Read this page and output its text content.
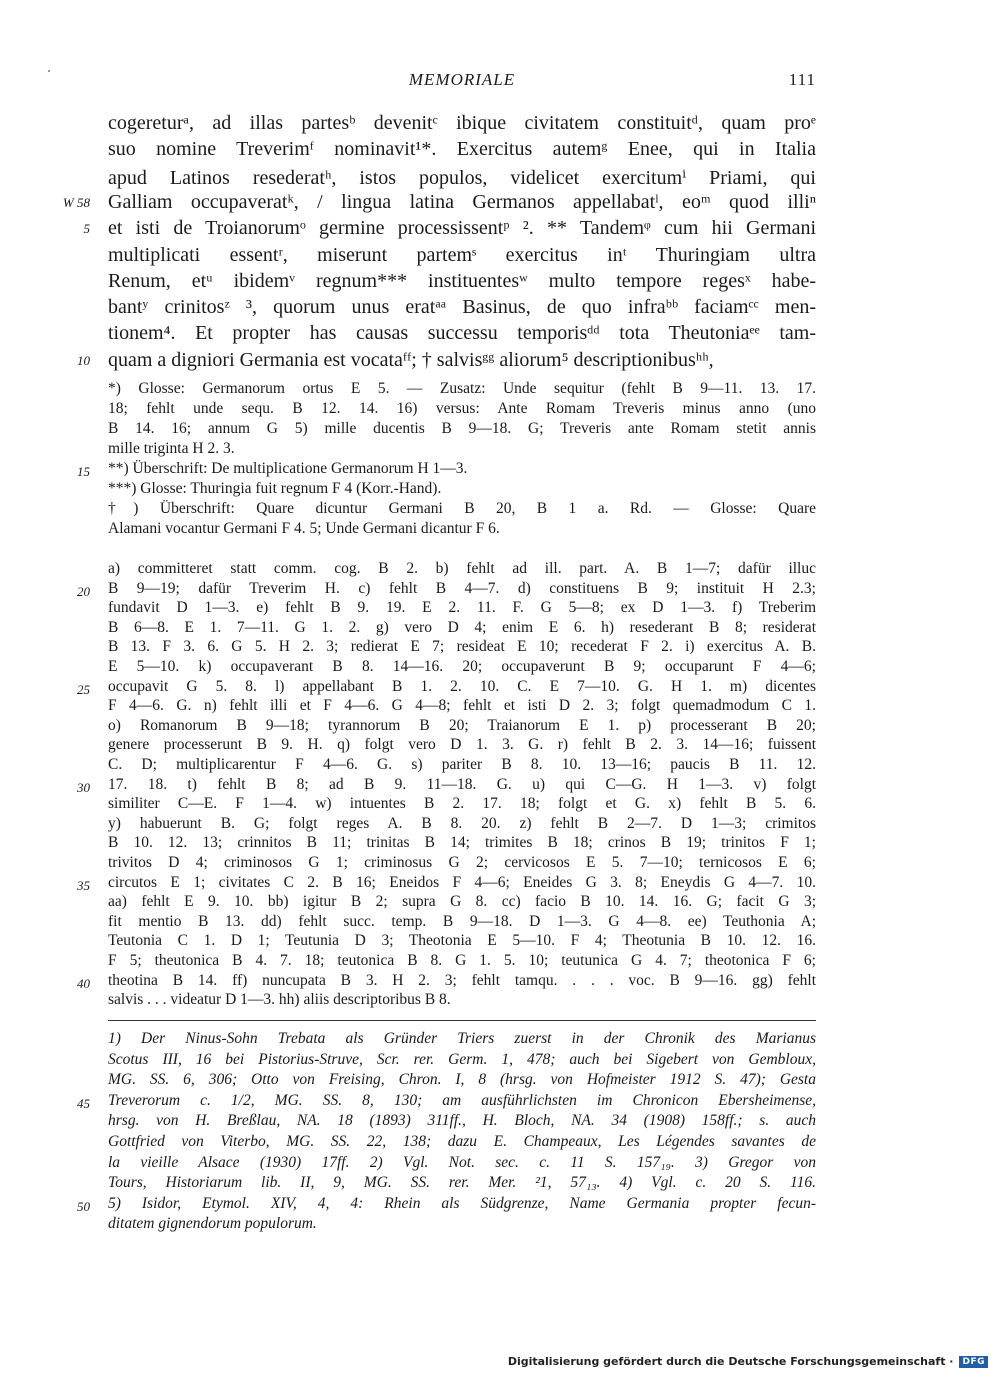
MEMORIALE	111
cogereturᵃ, ad illas partesᵇ devenitᶜ ibique civitatem constituitᵈ, quam proᵉ
suo nomine Treverimᶠ nominavit¹*. Exercitus autemᵍ Enee, qui in Italia
apud Latinos resederatʰ, istos populos, videlicet exercitumⁱ Priami, qui
Galliam occupaveratᵏ, / lingua latina Germanos appellabatˡ, eoᵐ quod illiⁿ
et isti de Troianorumᵒ germine processissentᵖ ². ** Tandemᵠ cum hii Germani
multiplicati essentʳ, miserunt partemˢ exercitus inᵗ Thuringiam ultra
Renum, etᵘ ibidemᵛ regnum*** instituentesʷ multo tempore regesˣ habe-
bantʸ crinitosᶻ ³, quorum unus eratᵃᵃ Basinus, de quo infraᵇᵇ faciamᶜᶜ men-
tionem⁴. Et propter has causas successu temporisᵈᵈ tota Theutoniaᵉᵉ tam-
quam a digniori Germania est vocataᶠᶠ; † salvisᵍᵍ aliorum⁵ descriptionibusʰʰ,
*) Glosse: Germanorum ortus E 5. — Zusatz: Unde sequitur (fehlt B 9—11. 13. 17.
18; fehlt unde sequ. B 12. 14. 16) versus: Ante Romam Treveris minus anno (uno
B 14. 16; annum G 5) mille ducentis B 9—18. G; Treveris ante Romam stetit annis
mille triginta H 2. 3.
**) Überschrift: De multiplicatione Germanorum H 1—3.
***) Glosse: Thuringia fuit regnum F 4 (Korr.-Hand).
†) Überschrift: Quare dicuntur Germani B 20, B 1 a. Rd. — Glosse: Quare
Alamani vocantur Germani F 4. 5; Unde Germani dicantur F 6.
a) committeret statt comm. cog. B 2. b) fehlt ad ill. part. A. B 1—7; dafür illuc
B 9—19; dafür Treverim H. c) fehlt B 4—7. d) constituens B 9; instituit H 2.3;
fundavit D 1—3. e) fehlt B 9. 19. E 2. 11. F. G 5—8; ex D 1—3. f) Treberim
B 6—8. E 1. 7—11. G 1. 2. g) vero D 4; enim E 6. h) resederant B 8; residerat
B 13. F 3. 6. G 5. H 2. 3; redierat E 7; resideat E 10; recederat F 2. i) exercitus A. B.
E 5—10. k) occupaverant B 8. 14—16. 20; occupaverunt B 9; occuparunt F 4—6;
occupavit G 5. 8. l) appellabant B 1. 2. 10. C. E 7—10. G. H 1. m) dicentes
F 4—6. G. n) fehlt illi et F 4—6. G 4—8; fehlt et isti D 2. 3; folgt quemadmodum C 1.
o) Romanorum B 9—18; tyrannorum B 20; Traianorum E 1. p) processerant B 20;
genere processerunt B 9. H. q) folgt vero D 1. 3. G. r) fehlt B 2. 3. 14—16; fuissent
C. D; multiplicarentur F 4—6. G. s) pariter B 8. 10. 13—16; paucis B 11. 12.
17. 18. t) fehlt B 8; ad B 9. 11—18. G. u) qui C—G. H 1—3. v) folgt
similiter C—E. F 1—4. w) intuentes B 2. 17. 18; folgt et G. x) fehlt B 5. 6.
y) habuerunt B. G; folgt reges A. B 8. 20. z) fehlt B 2—7. D 1—3; crimitos
B 10. 12. 13; crinnitos B 11; trinitas B 14; trimites B 18; crinos B 19; trinitos F 1;
trivitos D 4; criminosos G 1; criminosus G 2; cervicosos E 5. 7—10; ternicosos E 6;
circutos E 1; civitates C 2. B 16; Eneidos F 4—6; Eneides G 3. 8; Eneydis G 4—7. 10.
aa) fehlt E 9. 10. bb) igitur B 2; supra G 8. cc) facio B 10. 14. 16. G; facit G 3;
fit mentio B 13. dd) fehlt succ. temp. B 9—18. D 1—3. G 4—8. ee) Teuthonia A;
Teutonia C 1. D 1; Teutunia D 3; Theotonia E 5—10. F 4; Theotunia B 10. 12. 16.
F 5; theutonica B 4. 7. 18; teutonica B 8. G 1. 5. 10; teutunica G 4. 7; theotonica F 6;
theotina B 14. ff) nuncupata B 3. H 2. 3; fehlt tamqu. . . . voc. B 9—16. gg) fehlt
salvis . . . videatur D 1—3. hh) aliis descriptoribus B 8.
1) Der Ninus-Sohn Trebata als Gründer Triers zuerst in der Chronik des Marianus
Scotus III, 16 bei Pistorius-Struve, Scr. rer. Germ. 1, 478; auch bei Sigebert von Gembloux,
MG. SS. 6, 306; Otto von Freising, Chron. I, 8 (hrsg. von Hofmeister 1912 S. 47); Gesta
Treverorum c. 1/2, MG. SS. 8, 130; am ausführlichsten im Chronicon Ebersheimense,
hrsg. von H. Breßlau, NA. 18 (1893) 311ff., H. Bloch, NA. 34 (1908) 158ff.; s. auch
Gottfried von Viterbo, MG. SS. 22, 138; dazu E. Champeaux, Les Légendes savantes de
la vieille Alsace (1930) 17ff. 2) Vgl. Not. sec. c. 11 S. 157₁₉. 3) Gregor von
Tours, Historiarum lib. II, 9, MG. SS. rer. Mer. ²1, 57₁₃. 4) Vgl. c. 20 S. 116.
5) Isidor, Etymol. XIV, 4, 4: Rhein als Südgrenze, Name Germania propter fecun-
ditatem gignendorum populorum.
W 58
5
10
15
20
25
30
35
40
45
50
Digitalisierung gefördert durch die Deutsche Forschungsgemeinschaft ·	DFG
